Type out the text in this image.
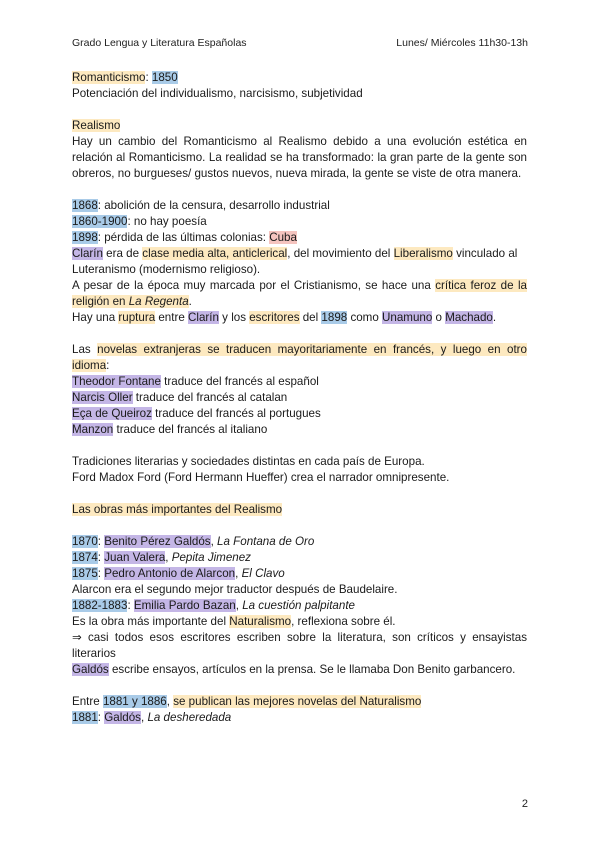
Grado Lengua y Literatura Españolas	Lunes/ Miércoles 11h30-13h

Romanticismo: 1850

Potenciación del individualismo, narcisismo, subjetividad

Realismo

Hay un cambio del Romanticismo al Realismo debido a una evolución estética en relación al Romanticismo. La realidad se ha transformado: la gran parte de la gente son obreros, no burgueses/ gustos nuevos, nueva mirada, la gente se viste de otra manera.

1868: abolición de la censura, desarrollo industrial

1860-1900: no hay poesía

1898: pérdida de las últimas colonias: Cuba

Clarín era de clase media alta, anticlerical, del movimiento del Liberalismo vinculado al Luteranismo (modernismo religioso).

A pesar de la época muy marcada por el Cristianismo, se hace una crítica feroz de la religión en La Regenta.

Hay una ruptura entre Clarín y los escritores del 1898 como Unamuno o Machado.

Las novelas extranjeras se traducen mayoritariamente en francés, y luego en otro idioma:

Theodor Fontane traduce del francés al español

Narcis Oller traduce del francés al catalan

Eça de Queiroz traduce del francés al portugues

Manzon traduce del francés al italiano

Tradiciones literarias y sociedades distintas en cada país de Europa.

Ford Madox Ford (Ford Hermann Hueffer) crea el narrador omnipresente.

Las obras más importantes del Realismo

1870: Benito Pérez Galdós, La Fontana de Oro

1874: Juan Valera, Pepita Jimenez

1875: Pedro Antonio de Alarcon, El Clavo

Alarcon era el segundo mejor traductor después de Baudelaire.

1882-1883: Emilia Pardo Bazan, La cuestión palpitante

Es la obra más importante del Naturalismo, reflexiona sobre él.

⇒ casi todos esos escritores escriben sobre la literatura, son críticos y ensayistas literarios

Galdós escribe ensayos, artículos en la prensa. Se le llamaba Don Benito garbancero.

Entre 1881 y 1886, se publican las mejores novelas del Naturalismo

1881: Galdós, La desheredada

2
